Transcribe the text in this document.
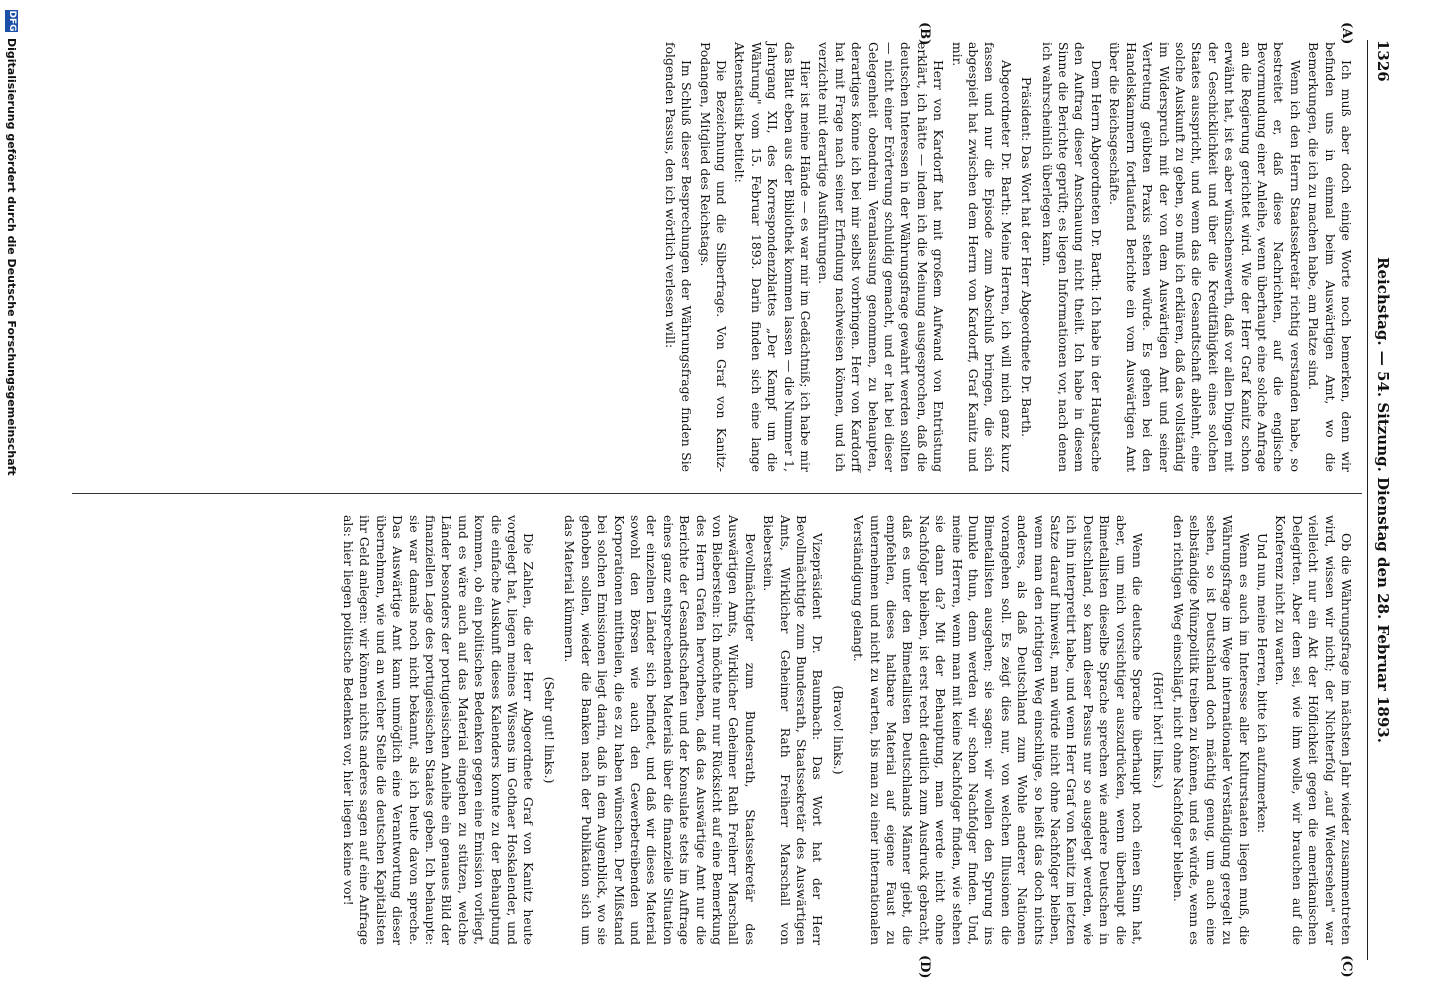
1326
Reichstag. — 54. Sitzung. Dienstag den 28. Februar 1893.
(A)
(B)
(C)
(D)

Ich muß aber doch einige Worte noch bemerken, denn wir befinden uns in einmal beim Auswärtigen Amt, wo die Bemerkungen, die ich zu machen habe, am Platze sind.

Wenn ich den Herrn Staatssekretär richtig verstanden habe, so bestreitet er, daß diese Nachrichten, auf die englische Bevormundung einer Anleihe, wenn überhaupt eine solche Anfrage an die Regierung gerichtet wird. Wie der Herr Graf Kanitz schon erwähnt hat, ist es aber wünschenswerth, daß vor allen Dingen mit der Geschicklichkeit und über die Kreditfähigkeit eines solchen Staates ausspricht, und wenn das die Gesandtschaft ablehnt, eine solche Auskunft zu geben, so muß ich erklären, daß das vollständig im Widerspruch mit der von dem Auswärtigen Amt und seiner Vertretung geübten Praxis stehen würde. Es gehen bei den Handelskammern fortlaufend Berichte ein vom Auswärtigen Amt über die Reichsgeschäfte.

Dem Herrn Abgeordneten Dr. Barth: Ich habe in der Hauptsache den Auftrag dieser Anschauung nicht theilt. Ich habe in diesem Sinne die Berichte geprüft; es liegen Informationen vor, nach denen ich wahrscheinlich überlegen kann.

Präsident: Das Wort hat der Herr Abgeordnete Dr. Barth.

Abgeordneter Dr. Barth: Meine Herren, ich will mich ganz kurz fassen und nur die Episode zum Abschluß bringen, die sich abgespielt hat zwischen dem Herrn von Kardorff, Graf Kanitz und mir.

Herr von Kardorff hat mit großem Aufwand von Entrüstung erklärt, ich hätte — indem ich die Meinung ausgesprochen, daß die deutschen Interessen in der Währungsfrage gewahrt werden sollten — nicht einer Erörterung schuldig gemacht, und er hat bei dieser Gelegenheit obendrein Veranlassung genommen, zu behaupten, derartiges könne ich bei mir selbst vorbringen. Herr von Kardorff hat mit Frage nach seiner Erfindung nachweisen können, und ich verzichte mit derartige Ausführungen.

Hier ist meine Hände — es war mir im Gedächtniß; ich habe mir das Blatt eben aus der Bibliothek kommen lassen — die Nummer 1, Jahrgang XII, des Korrespondenzblattes „Der Kampf um die Währung" vom 15. Februar 1893. Darin finden sich eine lange Aktenstatistik betitelt:

Die Bezeichnung und die Silberfrage. Von Graf von Kanitz-Podangen, Mitglied des Reichstags.

Im Schluß dieser Besprechungen der Währungsfrage finden Sie folgenden Passus, den ich wörtlich verlesen will:

Ob die Währungsfrage im nächsten Jahr wieder zusammentreten wird, wissen wir nicht; der Nichterfolg „auf Wiedersehen" war vielleicht nur ein Akt der Höflichkeit gegen die amerikanischen Delegirten. Aber dem sei, wie ihm wolle, wir brauchen auf die Konferenz nicht zu warten.

Und nun, meine Herren, bitte ich aufzumerken:

Wenn es auch im Interesse aller Kulturstaaten liegen muß, die Währungsfrage im Wege internationaler Verständigung geregelt zu sehen, so ist Deutschland doch mächtig genug, um auch eine selbständige Münzpolitik treiben zu können, und es würde, wenn es den richtigen Weg einschlägt, nicht ohne Nachfolger bleiben.

(Hört! hört! links.)

Wenn die deutsche Sprache überhaupt noch einen Sinn hat, aber, um mich vorsichtiger auszudrücken, wenn überhaupt die Bimetallisten dieselbe Sprache sprechen wie andere Deutschen in Deutschland, so kann dieser Passus nur so ausgelegt werden, wie ich ihn interpretirt habe, und wenn Herr Graf von Kanitz im letzten Satze darauf hinweist, man würde nicht ohne Nachfolger bleiben, wenn man den richtigen Weg einschlüge, so heißt das doch nichts anderes, als daß Deutschland zum Wohle anderer Nationen vorangehen soll. Es zeigt dies nur, von welchen Illusionen die Bimetallisten ausgehen; sie sagen: wir wollen den Sprung ins Dunkle thun, denn werden wir schon Nachfolger finden. Und, meine Herren, wenn man mit keine Nachfolger finden, wie stehen sie dann da? Mit der Behauptung, man werde nicht ohne Nachfolger bleiben, ist erst recht deutlich zum Ausdruck gebracht, daß es unter den Bimetallisten Deutschlands Männer giebt, die empfehlen, dieses haltbare Material auf eigene Faust zu unternehmen und nicht zu warten, bis man zu einer internationalen Verständigung gelangt.

(Bravo! links.)

Vizepräsident Dr. Baumbach: Das Wort hat der Herr Bevollmächtigte zum Bundesrath, Staatssekretär des Auswärtigen Amts, Wirklicher Geheimer Rath Freiherr Marschall von Bieberstein.

Bevollmächtigter zum Bundesrath, Staatssekretär des Auswärtigen Amts, Wirklicher Geheimer Rath Freiherr Marschall von Bieberstein: Ich möchte nur nur Rücksicht auf eine Bemerkung des Herrn Grafen hervorheben, daß das Auswärtige Amt nur die Berichte der Gesandtschaften und der Konsulate stets im Auftrage eines ganz entsprechenden Materials über die finanzielle Situation der einzelnen Länder sich befindet, und daß wir dieses Material sowohl den Börsen wie auch den Gewerbetreibenden und Korporationen mittheilen, die es zu haben wünschen. Der Mißstand bei solchen Emissionen liegt darin, daß in dem Augenblick, wo sie gehoben sollen, wieder die Banken nach der Publikation sich um das Material kümmern.

(Sehr gut! links.)

Die Zahlen, die der Herr Abgeordnete Graf von Kanitz heute vorgelegt hat, liegen meines Wissens im Gothaer Hoskalender, und die einfache Auskunft dieses Kalenders konnte zu der Behauptung kommen, ob ein politisches Bedenken gegen eine Emission vorliegt, und es wäre auch auf das Material eingehen zu stützen, welche Länder besonders der portugiesischen Anleihe ein genaues Bild der finanziellen Lage des portugiesischen Staates geben. Ich behaupte: sie war damals noch nicht bekannt, als ich heute davon spreche. Das Auswärtige Amt kann unmöglich eine Verantwortung dieser übernehmen, wie und an welcher Stelle die deutschen Kapitalisten ihr Geld anlegen: wir können nichts anderes sagen auf eine Anfrage als: hier liegen politische Bedenken vor, hier liegen keine vor!

DFG
Digitalisierung gefördert durch die Deutsche Forschungsgemeinschaft
